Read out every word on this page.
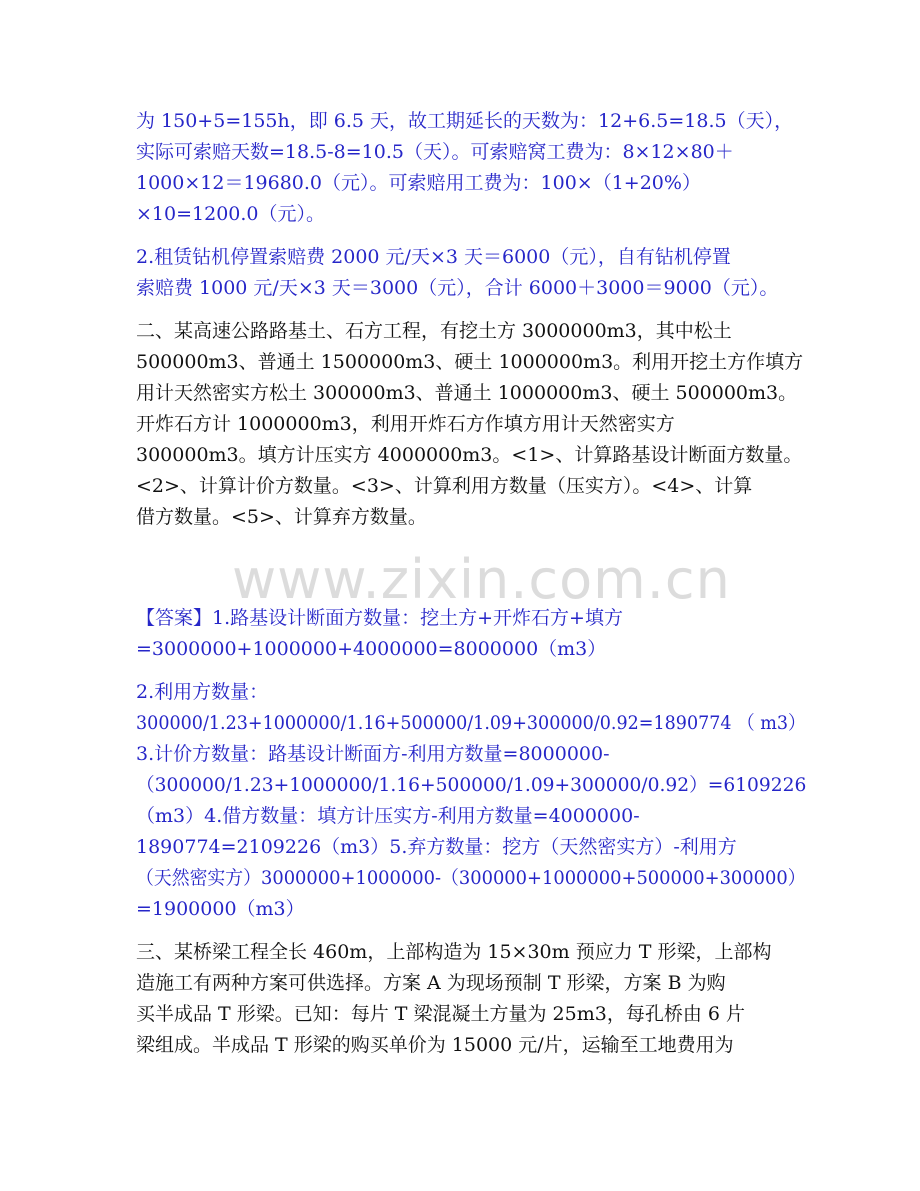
www.zixin.com.cn

为 150+5=155h，即 6.5 天，故工期延长的天数为：12+6.5=18.5（天），
实际可索赔天数=18.5-8=10.5（天）。可索赔窝工费为：8×12×80＋
1000×12＝19680.0（元）。可索赔用工费为：100×（1+20%）
×10=1200.0（元）。

2.租赁钻机停置索赔费 2000 元/天×3 天＝6000（元），自有钻机停置
索赔费 1000 元/天×3 天＝3000（元），合计 6000＋3000＝9000（元）。

二、某高速公路路基土、石方工程，有挖土方 3000000m3，其中松土
500000m3、普通土 1500000m3、硬土 1000000m3。利用开挖土方作填方
用计天然密实方松土 300000m3、普通土 1000000m3、硬土 500000m3。
开炸石方计 1000000m3，利用开炸石方作填方用计天然密实方
300000m3。填方计压实方 4000000m3。<1>、计算路基设计断面方数量。
<2>、计算计价方数量。<3>、计算利用方数量（压实方）。<4>、计算
借方数量。<5>、计算弃方数量。

【答案】1.路基设计断面方数量：挖土方+开炸石方+填方
=3000000+1000000+4000000=8000000（m3）

2.利用方数量：
300000/1.23+1000000/1.16+500000/1.09+300000/0.92=1890774 （ m3）
3.计价方数量：路基设计断面方-利用方数量=8000000-
（300000/1.23+1000000/1.16+500000/1.09+300000/0.92）=6109226
（m3）4.借方数量：填方计压实方-利用方数量=4000000-
1890774=2109226（m3）5.弃方数量：挖方（天然密实方）-利用方
（天然密实方）3000000+1000000-（300000+1000000+500000+300000）
=1900000（m3）

三、某桥梁工程全长 460m，上部构造为 15×30m 预应力 T 形梁，上部构
造施工有两种方案可供选择。方案 A 为现场预制 T 形梁，方案 B 为购
买半成品 T 形梁。已知：每片 T 梁混凝土方量为 25m3，每孔桥由 6 片
梁组成。半成品 T 形梁的购买单价为 15000 元/片，运输至工地费用为
